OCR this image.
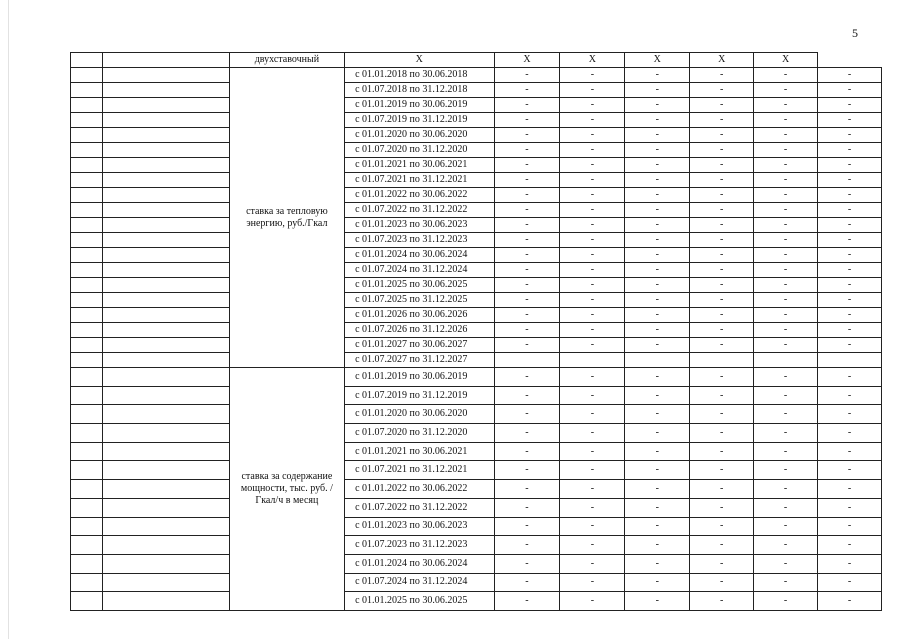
5
		двухставочный	X	X	X	X	X	X	
		ставка за тепловую энергию, руб./Гкал	с 01.01.2018 по 30.06.2018	-	-	-	-	-	-
			с 01.07.2018 по 31.12.2018	-	-	-	-	-	-
			с 01.01.2019 по 30.06.2019	-	-	-	-	-	-
			с 01.07.2019 по 31.12.2019	-	-	-	-	-	-
			с 01.01.2020 по 30.06.2020	-	-	-	-	-	-
			с 01.07.2020 по 31.12.2020	-	-	-	-	-	-
			с 01.01.2021 по 30.06.2021	-	-	-	-	-	-
			с 01.07.2021 по 31.12.2021	-	-	-	-	-	-
			с 01.01.2022 по 30.06.2022	-	-	-	-	-	-
			с 01.07.2022 по 31.12.2022	-	-	-	-	-	-
			с 01.01.2023 по 30.06.2023	-	-	-	-	-	-
			с 01.07.2023 по 31.12.2023	-	-	-	-	-	-
			с 01.01.2024 по 30.06.2024	-	-	-	-	-	-
			с 01.07.2024 по 31.12.2024	-	-	-	-	-	-
			с 01.01.2025 по 30.06.2025	-	-	-	-	-	-
			с 01.07.2025 по 31.12.2025	-	-	-	-	-	-
			с 01.01.2026 по 30.06.2026	-	-	-	-	-	-
			с 01.07.2026 по 31.12.2026	-	-	-	-	-	-
			с 01.01.2027 по 30.06.2027	-	-	-	-	-	-
			с 01.07.2027 по 31.12.2027						
		ставка за содержание мощности, тыс. руб. /Гкал/ч в месяц	с 01.01.2019 по 30.06.2019	-	-	-	-	-	-
			с 01.07.2019 по 31.12.2019	-	-	-	-	-	-
			с 01.01.2020 по 30.06.2020	-	-	-	-	-	-
			с 01.07.2020 по 31.12.2020	-	-	-	-	-	-
			с 01.01.2021 по 30.06.2021	-	-	-	-	-	-
			с 01.07.2021 по 31.12.2021	-	-	-	-	-	-
			с 01.01.2022 по 30.06.2022	-	-	-	-	-	-
			с 01.07.2022 по 31.12.2022	-	-	-	-	-	-
			с 01.01.2023 по 30.06.2023	-	-	-	-	-	-
			с 01.07.2023 по 31.12.2023	-	-	-	-	-	-
			с 01.01.2024 по 30.06.2024	-	-	-	-	-	-
			с 01.07.2024 по 31.12.2024	-	-	-	-	-	-
			с 01.01.2025 по 30.06.2025	-	-	-	-	-	-
